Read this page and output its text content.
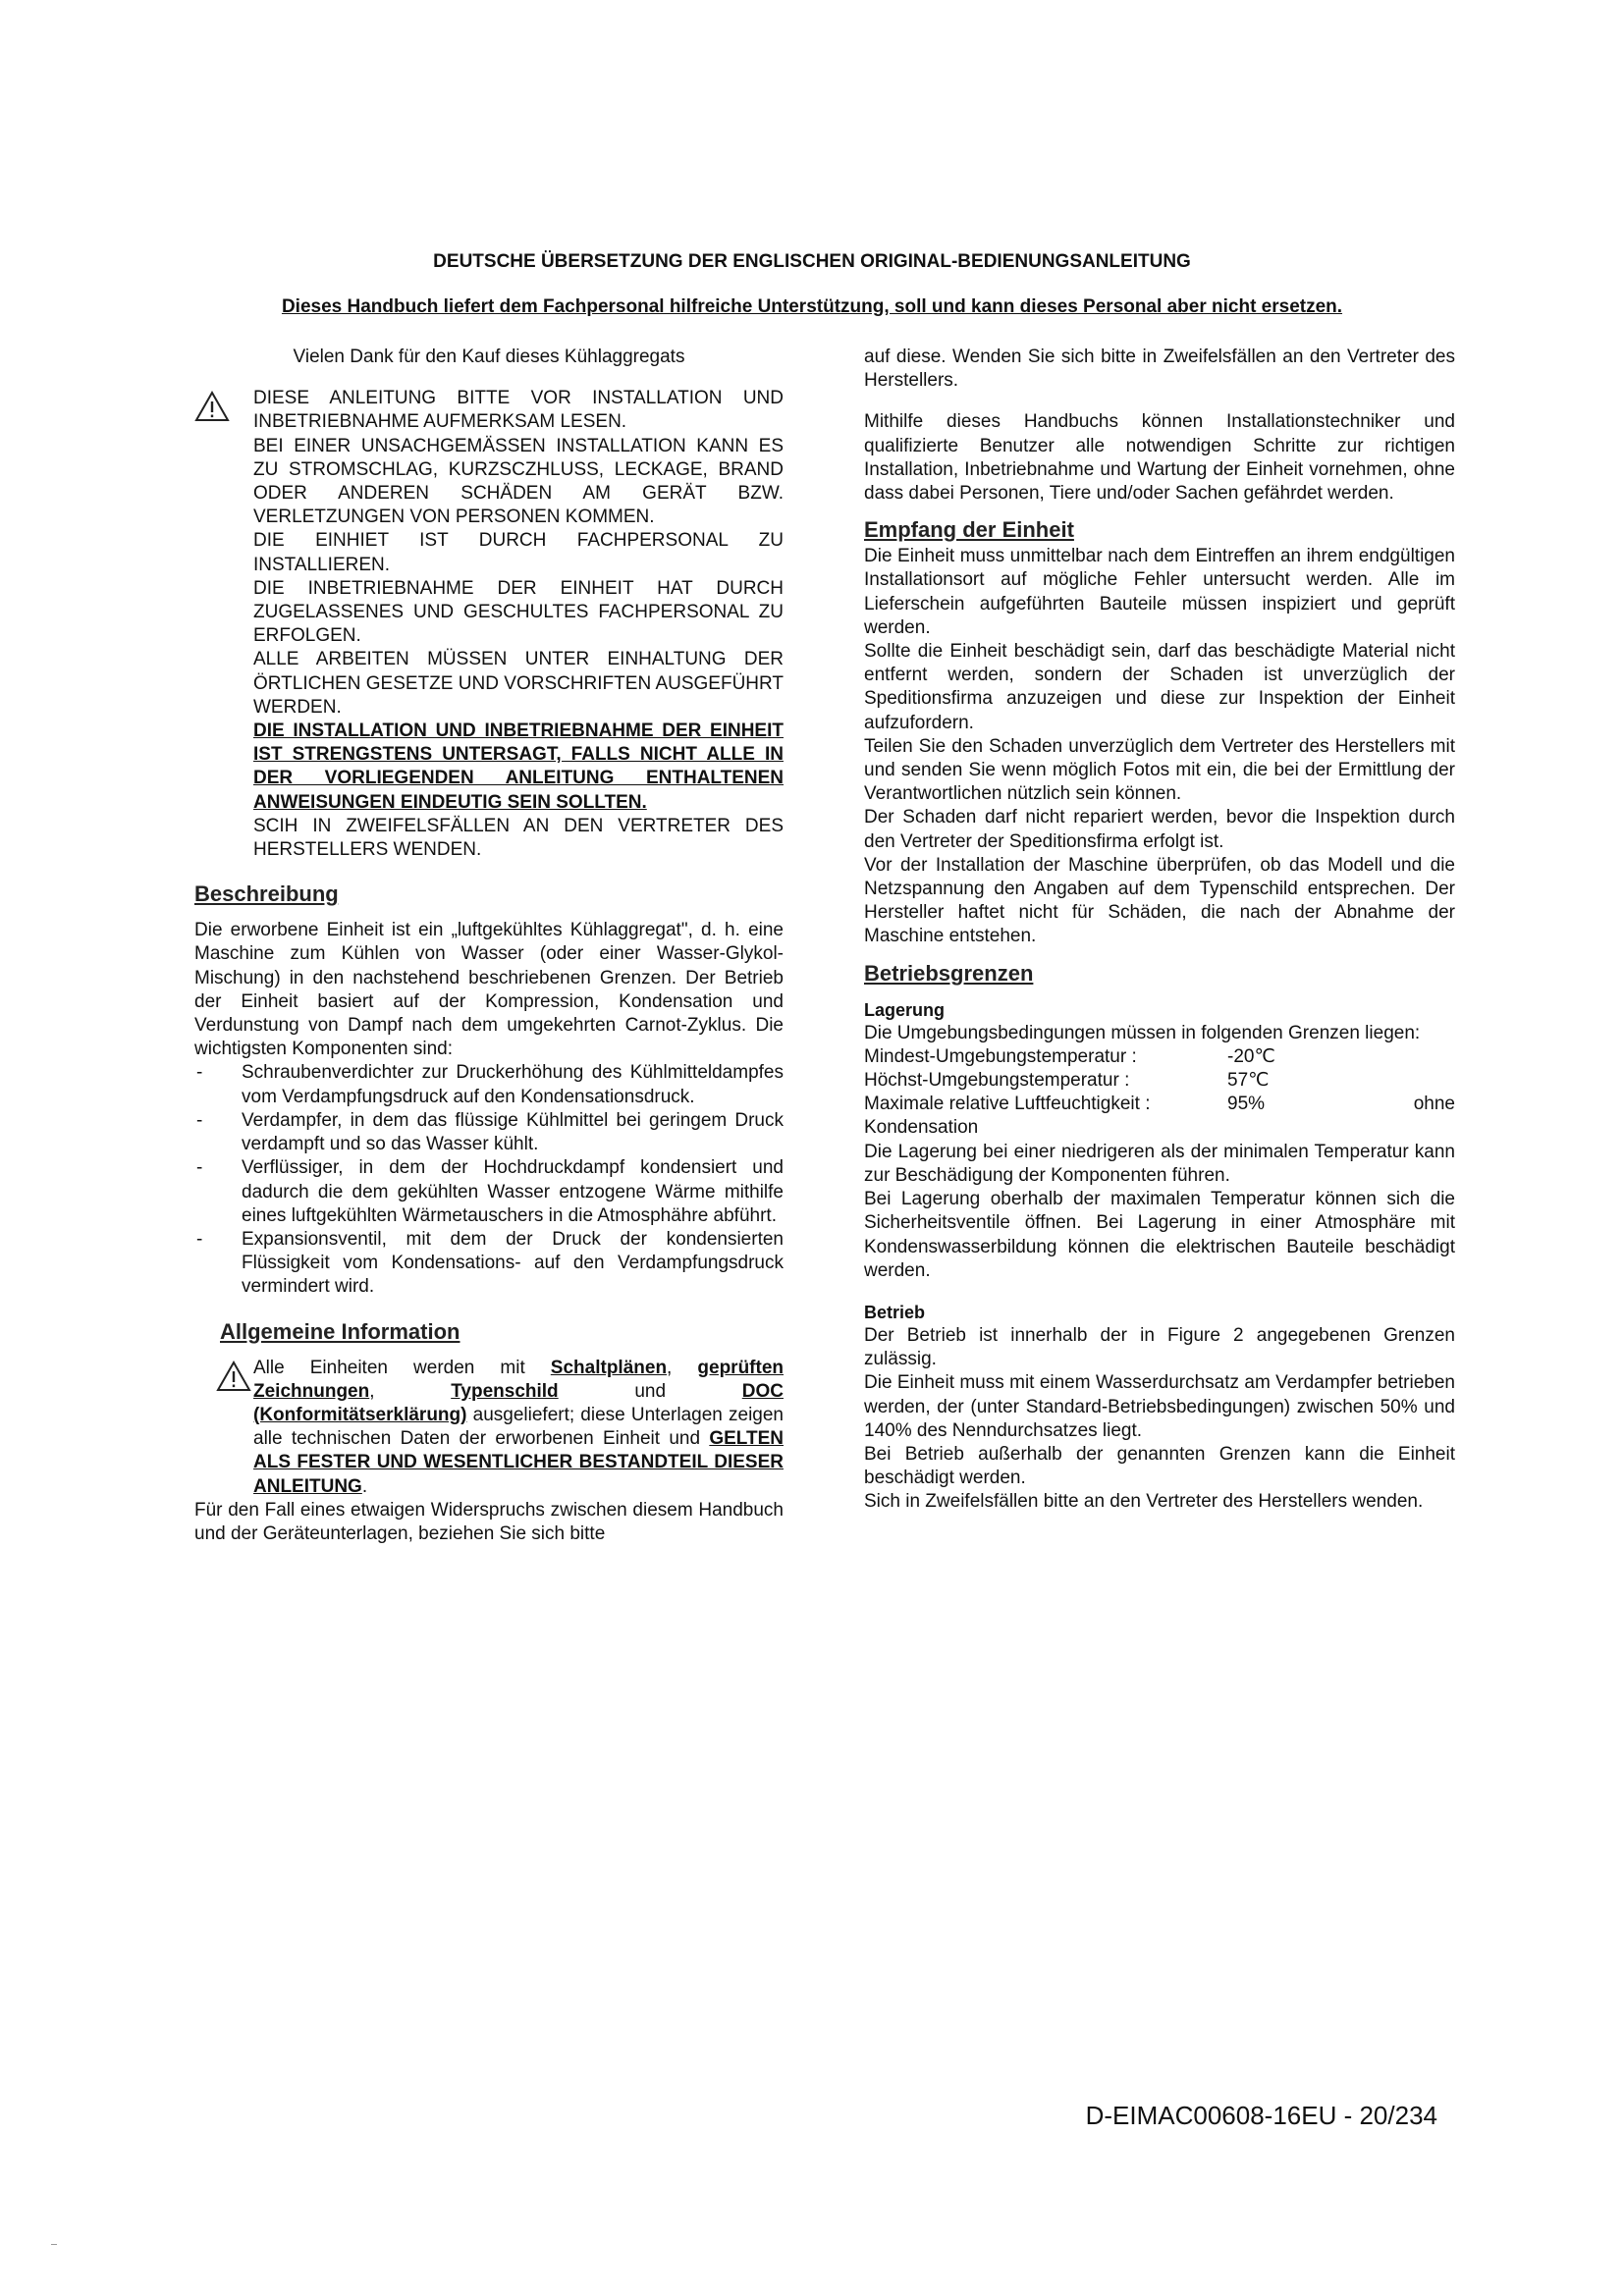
DEUTSCHE ÜBERSETZUNG DER ENGLISCHEN ORIGINAL-BEDIENUNGSANLEITUNG
Dieses Handbuch liefert dem Fachpersonal hilfreiche Unterstützung, soll und kann dieses Personal aber nicht ersetzen.

Vielen Dank für den Kauf dieses Kühlaggregats

DIESE ANLEITUNG BITTE VOR INSTALLATION UND INBETRIEBNAHME AUFMERKSAM LESEN.

BEI EINER UNSACHGEMÄSSEN INSTALLATION KANN ES ZU STROMSCHLAG, KURZSCZHLUSS, LECKAGE, BRAND ODER ANDEREN SCHÄDEN AM GERÄT BZW. VERLETZUNGEN VON PERSONEN KOMMEN.

DIE EINHIET IST DURCH FACHPERSONAL ZU INSTALLIEREN.

DIE INBETRIEBNAHME DER EINHEIT HAT DURCH ZUGELASSENES UND GESCHULTES FACHPERSONAL ZU ERFOLGEN.

ALLE ARBEITEN MÜSSEN UNTER EINHALTUNG DER ÖRTLICHEN GESETZE UND VORSCHRIFTEN AUSGEFÜHRT WERDEN.

DIE INSTALLATION UND INBETRIEBNAHME DER EINHEIT IST STRENGSTENS UNTERSAGT, FALLS NICHT ALLE IN DER VORLIEGENDEN ANLEITUNG ENTHALTENEN ANWEISUNGEN EINDEUTIG SEIN SOLLTEN.

SCIH IN ZWEIFELSFÄLLEN AN DEN VERTRETER DES HERSTELLERS WENDEN.

Beschreibung

Die erworbene Einheit ist ein „luftgekühltes Kühlaggregat", d. h. eine Maschine zum Kühlen von Wasser (oder einer Wasser-Glykol-Mischung) in den nachstehend beschriebenen Grenzen. Der Betrieb der Einheit basiert auf der Kompression, Kondensation und Verdunstung von Dampf nach dem umgekehrten Carnot-Zyklus. Die wichtigsten Komponenten sind:

- Schraubenverdichter zur Druckerhöhung des Kühlmitteldampfes vom Verdampfungsdruck auf den Kondensationsdruck.
- Verdampfer, in dem das flüssige Kühlmittel bei geringem Druck verdampft und so das Wasser kühlt.
- Verflüssiger, in dem der Hochdruckdampf kondensiert und dadurch die dem gekühlten Wasser entzogene Wärme mithilfe eines luftgekühlten Wärmetauschers in die Atmosphähre abführt.
- Expansionsventil, mit dem der Druck der kondensierten Flüssigkeit vom Kondensations- auf den Verdampfungsdruck vermindert wird.
Allgemeine Information

Alle Einheiten werden mit Schaltplänen, geprüften Zeichnungen, Typenschild und DOC (Konformitätserklärung) ausgeliefert; diese Unterlagen zeigen alle technischen Daten der erworbenen Einheit und GELTEN ALS FESTER UND WESENTLICHER BESTANDTEIL DIESER ANLEITUNG.

Für den Fall eines etwaigen Widerspruchs zwischen diesem Handbuch und der Geräteunterlagen, beziehen Sie sich bitte

auf diese. Wenden Sie sich bitte in Zweifelsfällen an den Vertreter des Herstellers.

Mithilfe dieses Handbuchs können Installationstechniker und qualifizierte Benutzer alle notwendigen Schritte zur richtigen Installation, Inbetriebnahme und Wartung der Einheit vornehmen, ohne dass dabei Personen, Tiere und/oder Sachen gefährdet werden.

Empfang der Einheit

Die Einheit muss unmittelbar nach dem Eintreffen an ihrem endgültigen Installationsort auf mögliche Fehler untersucht werden. Alle im Lieferschein aufgeführten Bauteile müssen inspiziert und geprüft werden.

Sollte die Einheit beschädigt sein, darf das beschädigte Material nicht entfernt werden, sondern der Schaden ist unverzüglich der Speditionsfirma anzuzeigen und diese zur Inspektion der Einheit aufzufordern.

Teilen Sie den Schaden unverzüglich dem Vertreter des Herstellers mit und senden Sie wenn möglich Fotos mit ein, die bei der Ermittlung der Verantwortlichen nützlich sein können.

Der Schaden darf nicht repariert werden, bevor die Inspektion durch den Vertreter der Speditionsfirma erfolgt ist.

Vor der Installation der Maschine überprüfen, ob das Modell und die Netzspannung den Angaben auf dem Typenschild entsprechen. Der Hersteller haftet nicht für Schäden, die nach der Abnahme der Maschine entstehen.

Betriebsgrenzen
Lagerung

Die Umgebungsbedingungen müssen in folgenden Grenzen liegen:

Mindest-Umgebungstemperatur :	-20℃
Höchst-Umgebungstemperatur :	57℃
Maximale relative Luftfeuchtigkeit :	95%	ohne

Kondensation

Die Lagerung bei einer niedrigeren als der minimalen Temperatur kann zur Beschädigung der Komponenten führen.

Bei Lagerung oberhalb der maximalen Temperatur können sich die Sicherheitsventile öffnen. Bei Lagerung in einer Atmosphäre mit Kondenswasserbildung können die elektrischen Bauteile beschädigt werden.

Betrieb

Der Betrieb ist innerhalb der in Figure 2 angegebenen Grenzen zulässig.

Die Einheit muss mit einem Wasserdurchsatz am Verdampfer betrieben werden, der (unter Standard-Betriebsbedingungen) zwischen 50% und 140% des Nenndurchsatzes liegt.

Bei Betrieb außerhalb der genannten Grenzen kann die Einheit beschädigt werden.

Sich in Zweifelsfällen bitte an den Vertreter des Herstellers wenden.

D-EIMAC00608-16EU - 20/234
